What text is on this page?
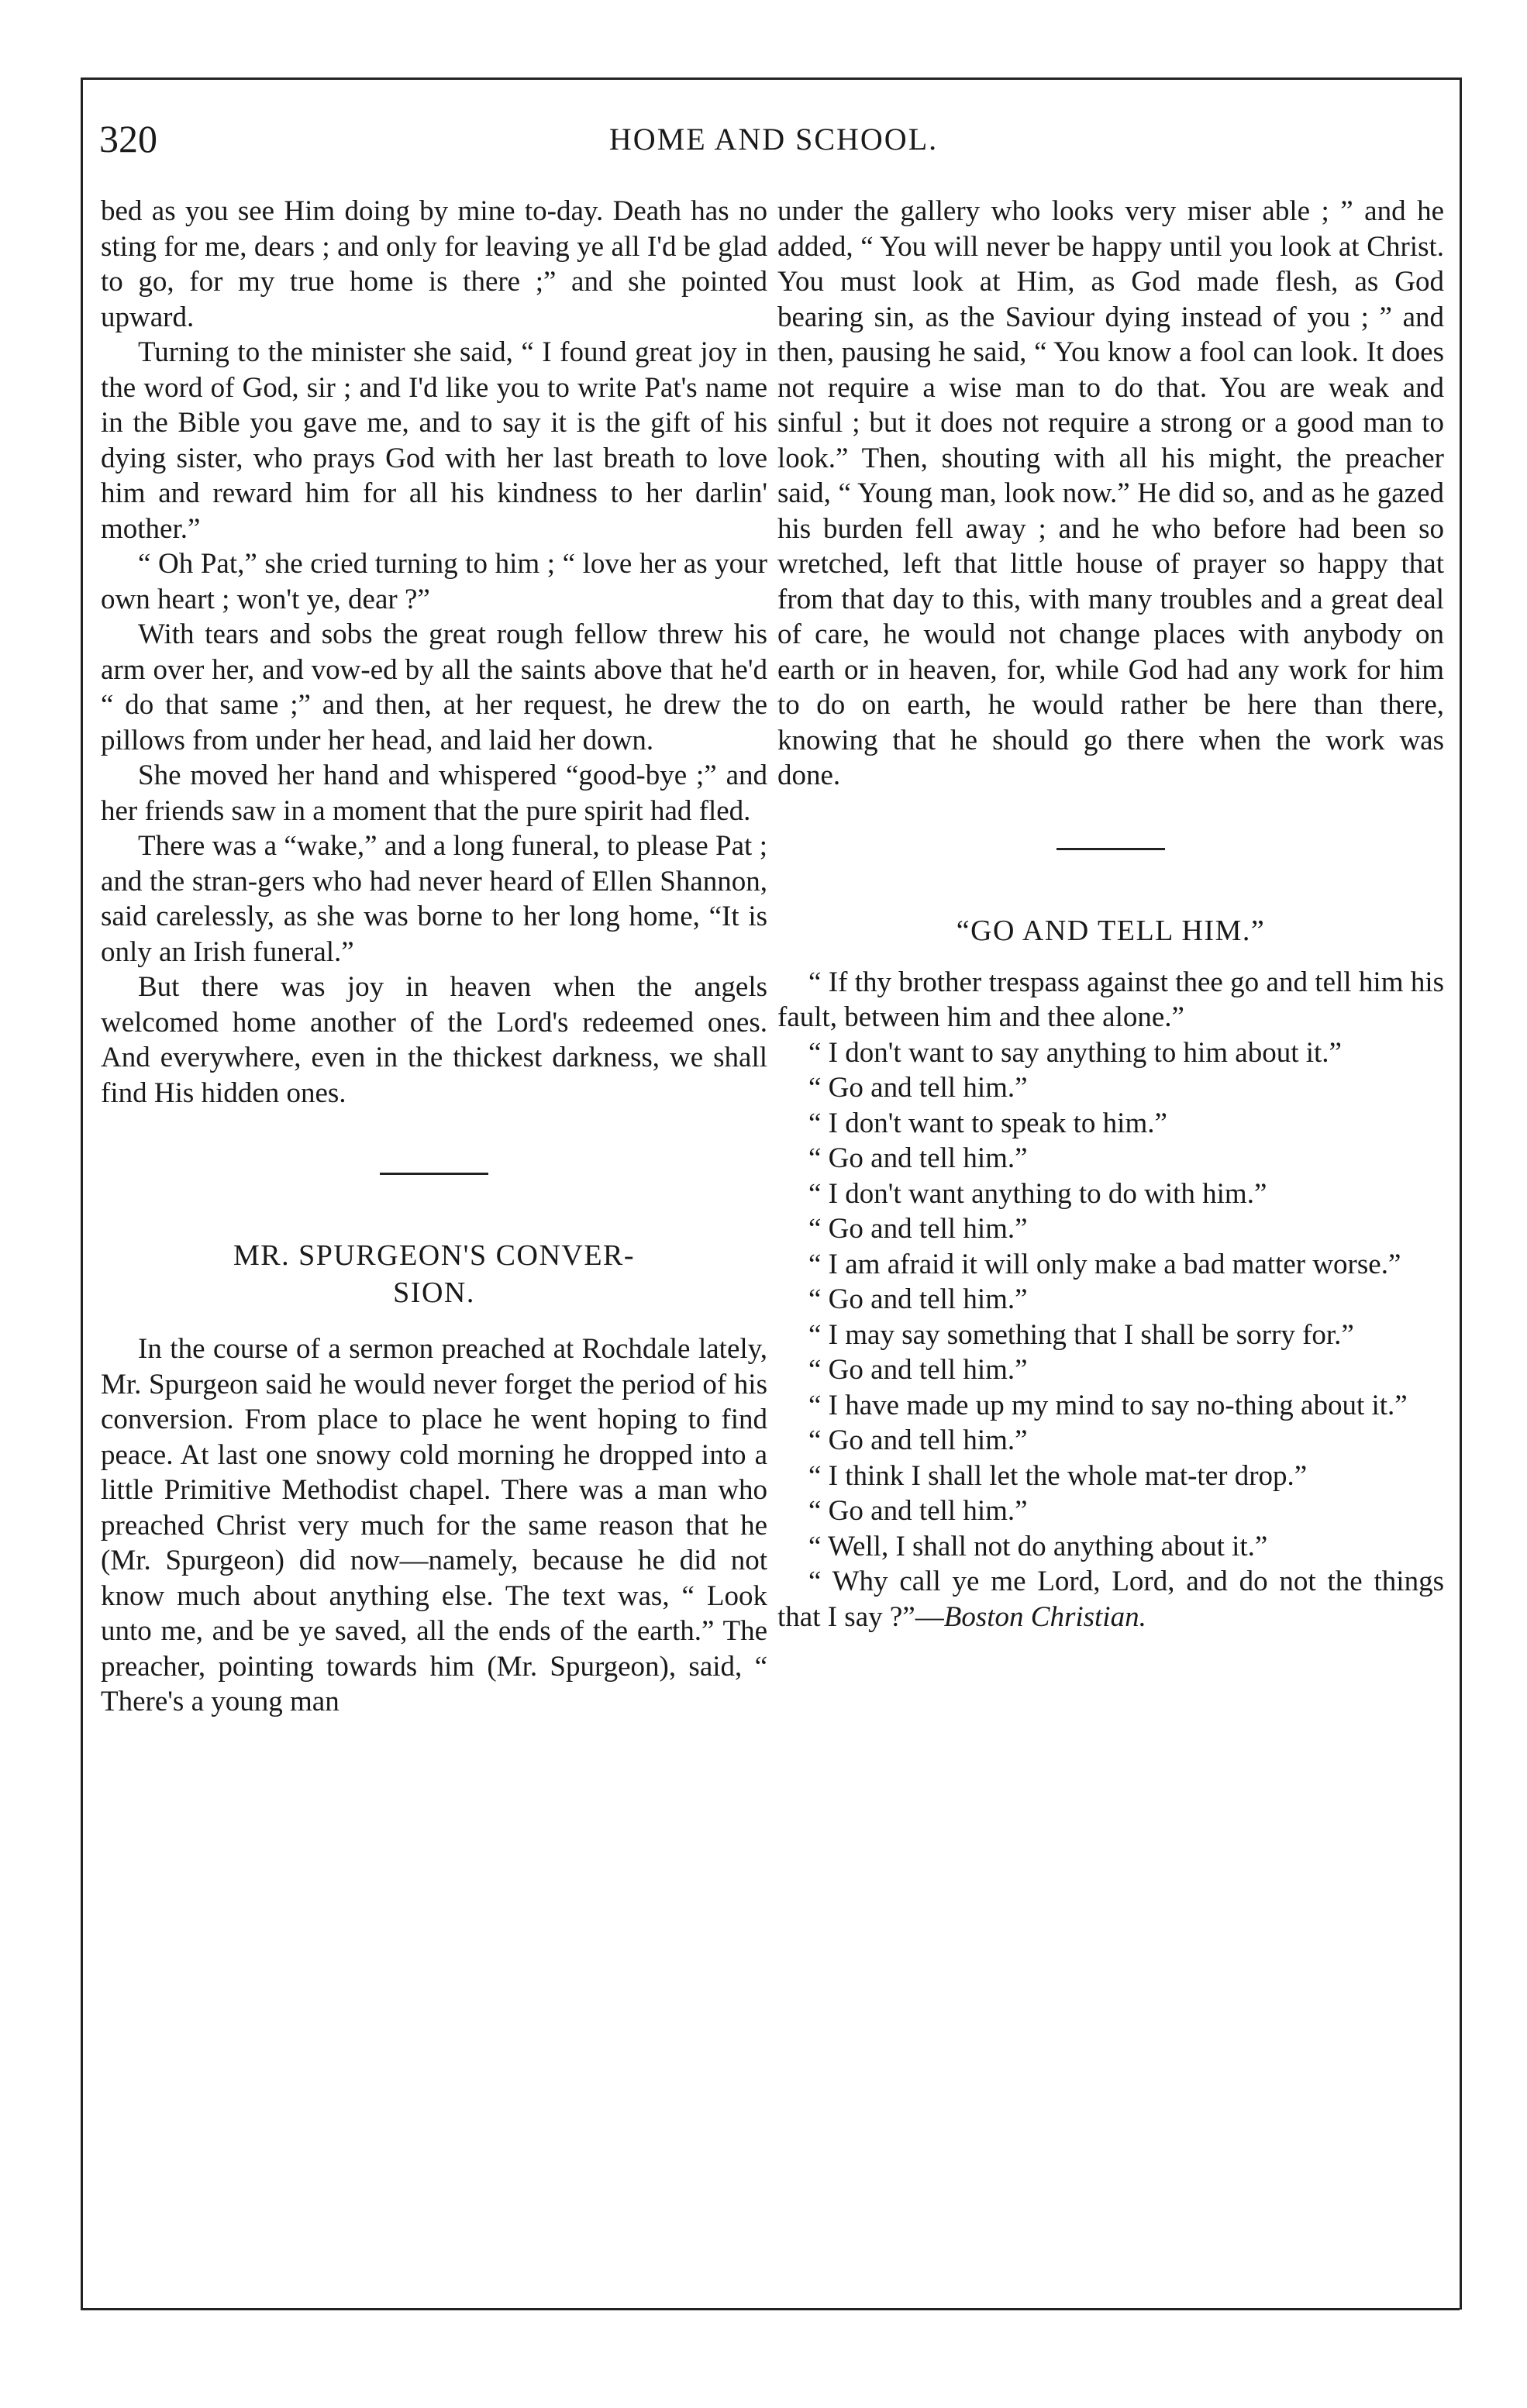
320	HOME AND SCHOOL.

bed as you see Him doing by mine to-day. Death has no sting for me, dears ; and only for leaving ye all I'd be glad to go, for my true home is there ;” and she pointed upward.

Turning to the minister she said, “ I found great joy in the word of God, sir ; and I'd like you to write Pat's name in the Bible you gave me, and to say it is the gift of his dying sister, who prays God with her last breath to love him and reward him for all his kindness to her darlin' mother.”

“ Oh Pat,” she cried turning to him ; “ love her as your own heart ; won't ye, dear ?”

With tears and sobs the great rough fellow threw his arm over her, and vow-ed by all the saints above that he'd “ do that same ;” and then, at her request, he drew the pillows from under her head, and laid her down.

She moved her hand and whispered “good-bye ;” and her friends saw in a moment that the pure spirit had fled.

There was a “wake,” and a long funeral, to please Pat ; and the stran-gers who had never heard of Ellen Shannon, said carelessly, as she was borne to her long home, “It is only an Irish funeral.”

But there was joy in heaven when the angels welcomed home another of the Lord's redeemed ones. And everywhere, even in the thickest darkness, we shall find His hidden ones.

MR. SPURGEON'S CONVER-
SION.

In the course of a sermon preached at Rochdale lately, Mr. Spurgeon said he would never forget the period of his conversion. From place to place he went hoping to find peace. At last one snowy cold morning he dropped into a little Primitive Methodist chapel. There was a man who preached Christ very much for the same reason that he (Mr. Spurgeon) did now—namely, because he did not know much about anything else. The text was, “ Look unto me, and be ye saved, all the ends of the earth.” The preacher, pointing towards him (Mr. Spurgeon), said, “ There's a young man

under the gallery who looks very miser able ; ” and he added, “ You will never be happy until you look at Christ. You must look at Him, as God made flesh, as God bearing sin, as the Saviour dying instead of you ; ” and then, pausing he said, “ You know a fool can look. It does not require a wise man to do that. You are weak and sinful ; but it does not require a strong or a good man to look.” Then, shouting with all his might, the preacher said, “ Young man, look now.” He did so, and as he gazed his burden fell away ; and he who before had been so wretched, left that little house of prayer so happy that from that day to this, with many troubles and a great deal of care, he would not change places with anybody on earth or in heaven, for, while God had any work for him to do on earth, he would rather be here than there, knowing that he should go there when the work was done.

“GO AND TELL HIM.”

“ If thy brother trespass against thee go and tell him his fault, between him and thee alone.”

“ I don't want to say anything to him about it.”

“ Go and tell him.”

“ I don't want to speak to him.”

“ Go and tell him.”

“ I don't want anything to do with him.”

“ Go and tell him.”

“ I am afraid it will only make a bad matter worse.”

“ Go and tell him.”

“ I may say something that I shall be sorry for.”

“ Go and tell him.”

“ I have made up my mind to say no-thing about it.”

“ Go and tell him.”

“ I think I shall let the whole mat-ter drop.”

“ Go and tell him.”

“ Well, I shall not do anything about it.”

“ Why call ye me Lord, Lord, and do not the things that I say ?”—Boston Christian.
